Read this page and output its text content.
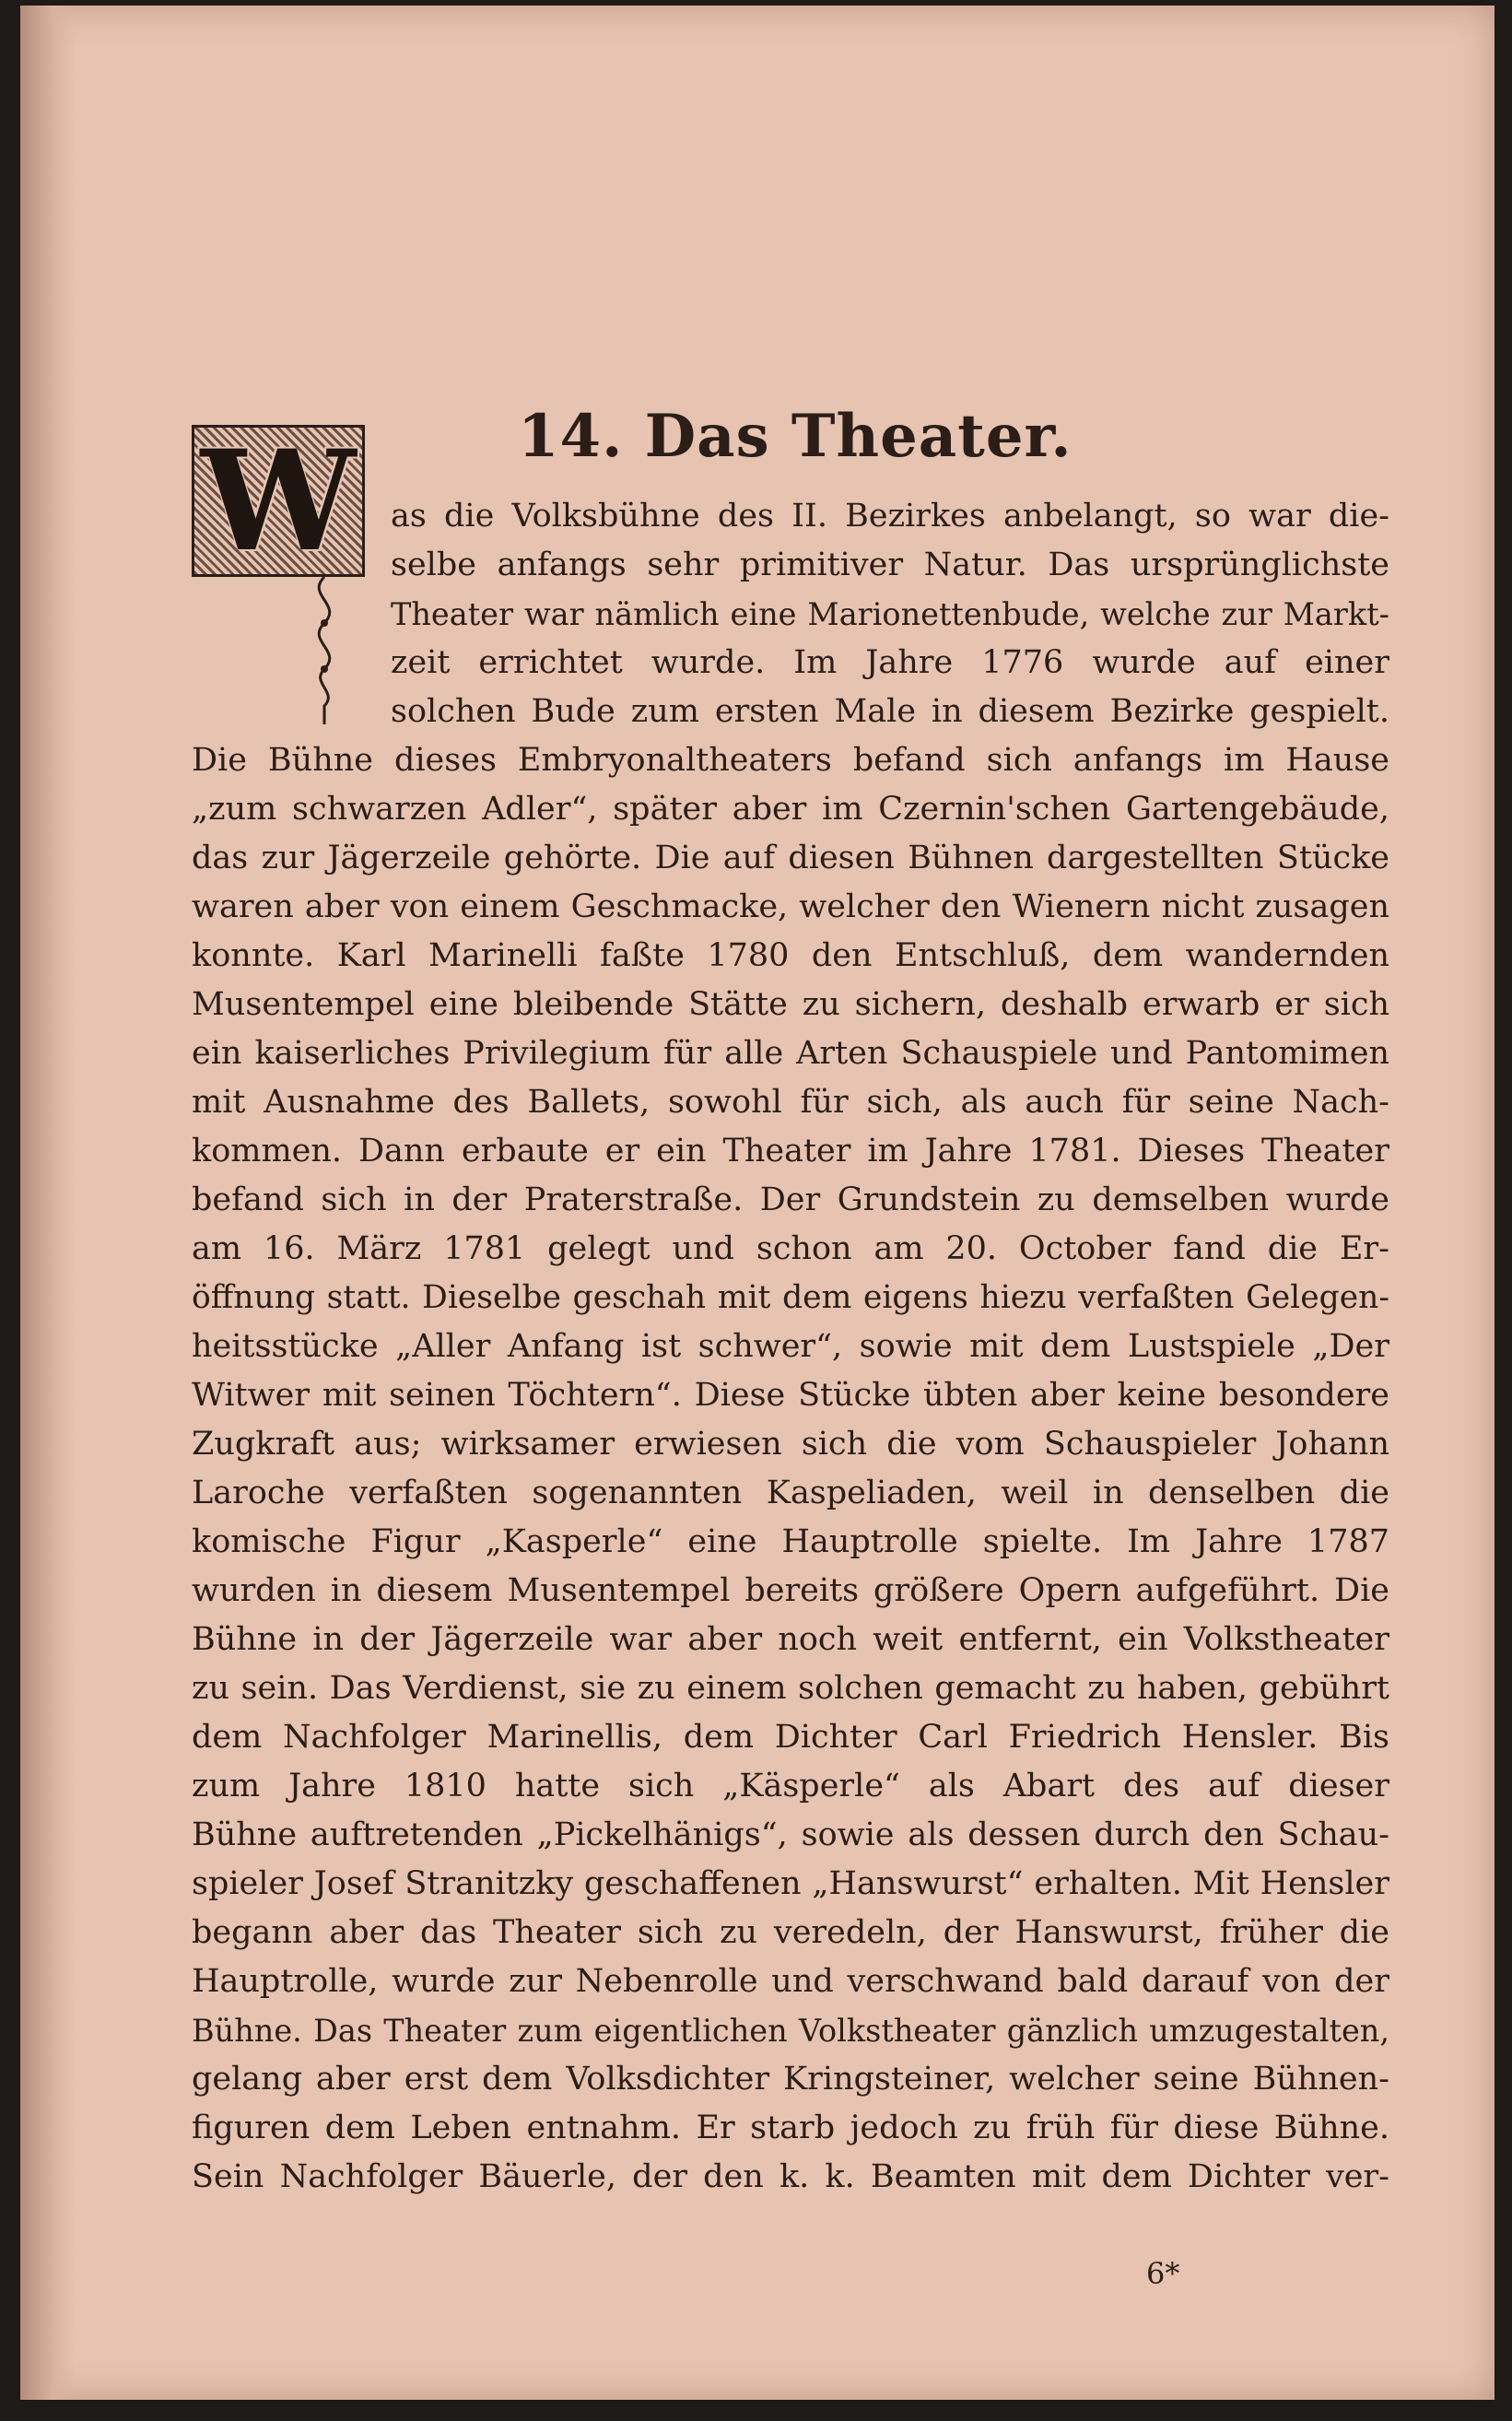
14. Das Theater.
W	as die Volksbühne des II. Bezirkes anbelangt, so war die-
selbe anfangs sehr primitiver Natur. Das ursprünglichste
Theater war nämlich eine Marionettenbude, welche zur Markt-
zeit errichtet wurde. Im Jahre 1776 wurde auf einer
solchen Bude zum ersten Male in diesem Bezirke gespielt.
Die Bühne dieses Embryonaltheaters befand sich anfangs im Hause
„zum schwarzen Adler“, später aber im Czernin'schen Gartengebäude,
das zur Jägerzeile gehörte. Die auf diesen Bühnen dargestellten Stücke
waren aber von einem Geschmacke, welcher den Wienern nicht zusagen
konnte. Karl Marinelli faßte 1780 den Entschluß, dem wandernden
Musentempel eine bleibende Stätte zu sichern, deshalb erwarb er sich
ein kaiserliches Privilegium für alle Arten Schauspiele und Pantomimen
mit Ausnahme des Ballets, sowohl für sich, als auch für seine Nach-
kommen. Dann erbaute er ein Theater im Jahre 1781. Dieses Theater
befand sich in der Praterstraße. Der Grundstein zu demselben wurde
am 16. März 1781 gelegt und schon am 20. October fand die Er-
öffnung statt. Dieselbe geschah mit dem eigens hiezu verfaßten Gelegen-
heitsstücke „Aller Anfang ist schwer“, sowie mit dem Lustspiele „Der
Witwer mit seinen Töchtern“. Diese Stücke übten aber keine besondere
Zugkraft aus; wirksamer erwiesen sich die vom Schauspieler Johann
Laroche verfaßten sogenannten Kaspeliaden, weil in denselben die
komische Figur „Kasperle“ eine Hauptrolle spielte. Im Jahre 1787
wurden in diesem Musentempel bereits größere Opern aufgeführt. Die
Bühne in der Jägerzeile war aber noch weit entfernt, ein Volkstheater
zu sein. Das Verdienst, sie zu einem solchen gemacht zu haben, gebührt
dem Nachfolger Marinellis, dem Dichter Carl Friedrich Hensler. Bis
zum Jahre 1810 hatte sich „Käsperle“ als Abart des auf dieser
Bühne auftretenden „Pickelhänigs“, sowie als dessen durch den Schau-
spieler Josef Stranitzky geschaffenen „Hanswurst“ erhalten. Mit Hensler
begann aber das Theater sich zu veredeln, der Hanswurst, früher die
Hauptrolle, wurde zur Nebenrolle und verschwand bald darauf von der
Bühne. Das Theater zum eigentlichen Volkstheater gänzlich umzugestalten,
gelang aber erst dem Volksdichter Kringsteiner, welcher seine Bühnen-
figuren dem Leben entnahm. Er starb jedoch zu früh für diese Bühne.
Sein Nachfolger Bäuerle, der den k. k. Beamten mit dem Dichter ver-
6*
